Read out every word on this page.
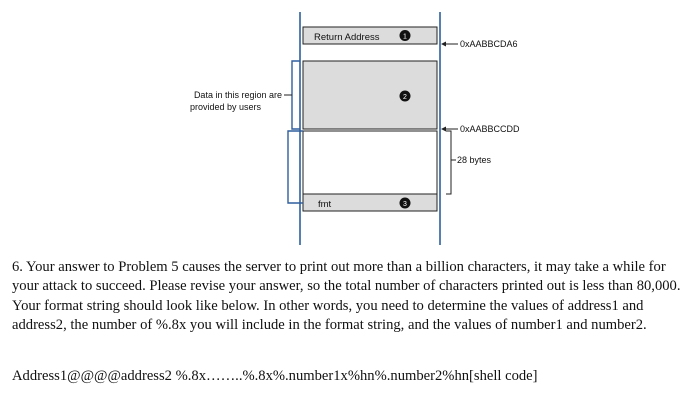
Return Address	1
2
fmt	3
0xAABBCDA6
0xAABBCCDD
28 bytes
Data in this region are
provided by users
6. Your answer to Problem 5 causes the server to print out more than a billion characters, it may take a while for your attack to succeed. Please revise your answer, so the total number of characters printed out is less than 80,000. Your format string should look like below. In other words, you need to determine the values of address1 and address2, the number of %.8x you will include in the format string, and the values of number1 and number2.
Address1@@@@address2 %.8x……..%.8x%.number1x%hn%.number2%hn[shell code]
